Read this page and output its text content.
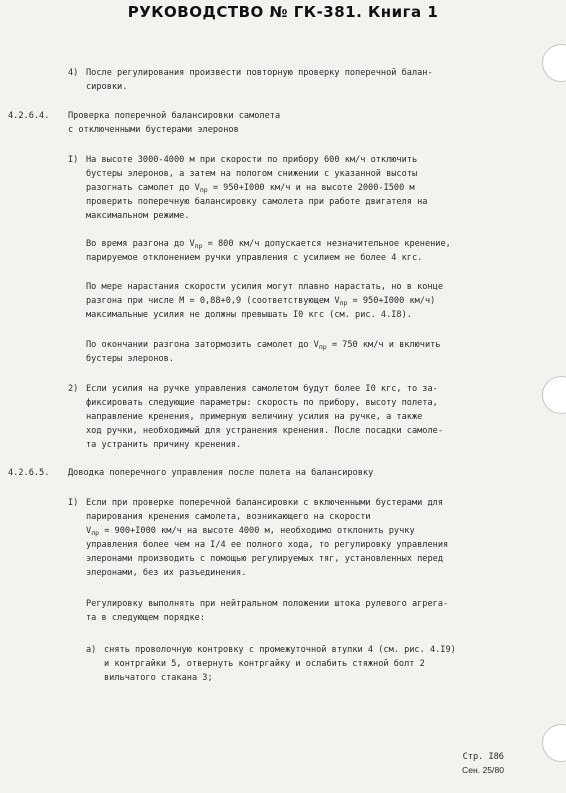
РУКОВОДСТВО № ГК-381. Книга 1
4) После регулирования произвести повторную проверку поперечной балан-
сировки.
4.2.6.4. Проверка поперечной балансировки самолета
с отключенными бустерами элеронов
I) На высоте 3000-4000 м при скорости по прибору 600 км/ч отключить
бустеры элеронов, а затем на пологом снижении с указанной высоты
разогнать самолет до $V_{пр} = 950+I000$ км/ч и на высоте 2000-I500 м
проверить поперечную балансировку самолета при работе двигателя на
максимальном режиме.
Во время разгона до $V_{пр} = 800$ км/ч допускается незначительное кренение,
парируемое отклонением ручки управления с усилием не более 4 кгс.
По мере нарастания скорости усилия могут плавно нарастать, но в конце
разгона при числе М = 0,88+0,9 (соответствующем $V_{пр} = 950+I000$ км/ч)
максимальные усилия не должны превышать I0 кгс (см. рис. 4.I8).
По окончании разгона затормозить самолет до $V_{пр} = 750$ км/ч и включить
бустеры элеронов.
2) Если усилия на ручке управления самолетом будут более I0 кгс, то за-
фиксировать следующие параметры: скорость по прибору, высоту полета,
направление кренения, примерную величину усилия на ручке, а также
ход ручки, необходимый для устранения кренения. После посадки самоле-
та устранить причину кренения.
4.2.6.5. Доводка поперечного управления после полета на балансировку
I) Если при проверке поперечной балансировки с включенными бустерами для
парирования кренения самолета, возникающего на скорости
$V_{пр} = 900+I000$ км/ч на высоте 4000 м, необходимо отклонить ручку
управления более чем на I/4 ее полного хода, то регулировку управления
элеронами производить с помощью регулируемых тяг, установленных перед
элеронами, без их разъединения.
Регулировку выполнять при нейтральном положении штока рулевого агрега-
та в следующем порядке:
а) снять проволочную контровку с промежуточной втулки 4 (см. рис. 4.I9)
и контргайки 5, отвернуть контргайку и ослабить стяжной болт 2
вильчатого стакана 3;
Стр. I86
Сен. 25/80
